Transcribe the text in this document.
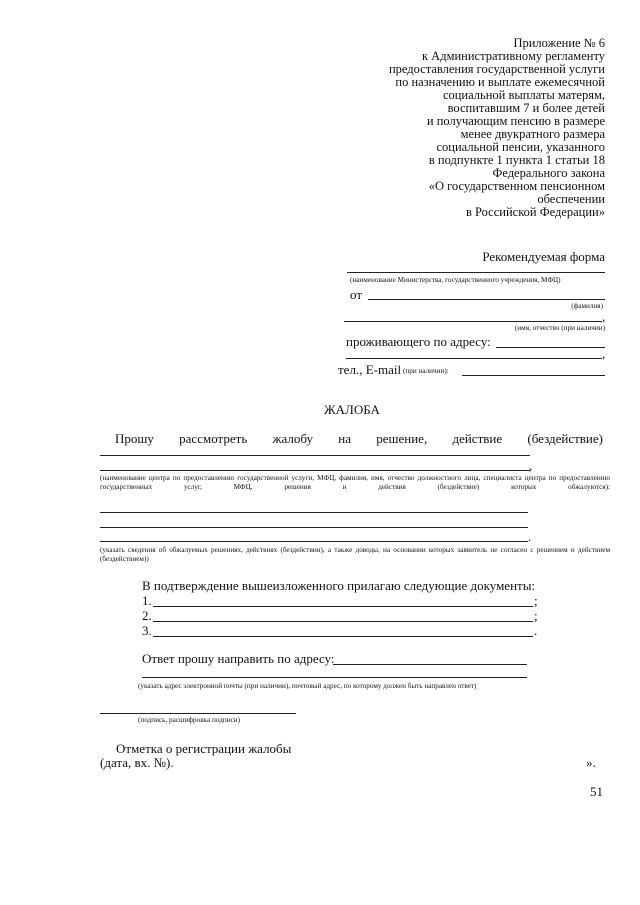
Приложение № 6
к Административному регламенту
предоставления государственной услуги
по назначению и выплате ежемесячной
социальной выплаты матерям,
воспитавшим 7 и более детей
и получающим пенсию в размере
менее двукратного размера
социальной пенсии, указанного
в подпункте 1 пункта 1 статьи 18
Федерального закона
«О государственном пенсионном
обеспечении
в Российской Федерации»
Рекомендуемая форма
(наименование Министерства, государственного учреждения, МФЦ)
от
(фамилия)
,
(имя, отчество (при наличии)
проживающего по адресу:
,
тел., E-mail (при наличии):
ЖАЛОБА
Прошу рассмотреть жалобу на решение, действие (бездействие)
,
(наименование центра по предоставлению государственной услуги, МФЦ, фамилия, имя, отчество должностного лица, специалиста центра по предоставлению государственных услуг, МФЦ, решения и действия (бездействие) которых обжалуются):
.
(указать сведения об обжалуемых решениях, действиях (бездействии), а также доводы, на основании которых заявитель не согласен с решением и действием (бездействием))
В подтверждение вышеизложенного прилагаю следующие документы:
1.	;
2.	;
3.	.
Ответ прошу направить по адресу:
(указать адрес электронной почты (при наличии), почтовый адрес, по которому должен быть направлен ответ)
(подпись, расшифровка подписи)
Отметка о регистрации жалобы
(дата, вх. №).	».
51
